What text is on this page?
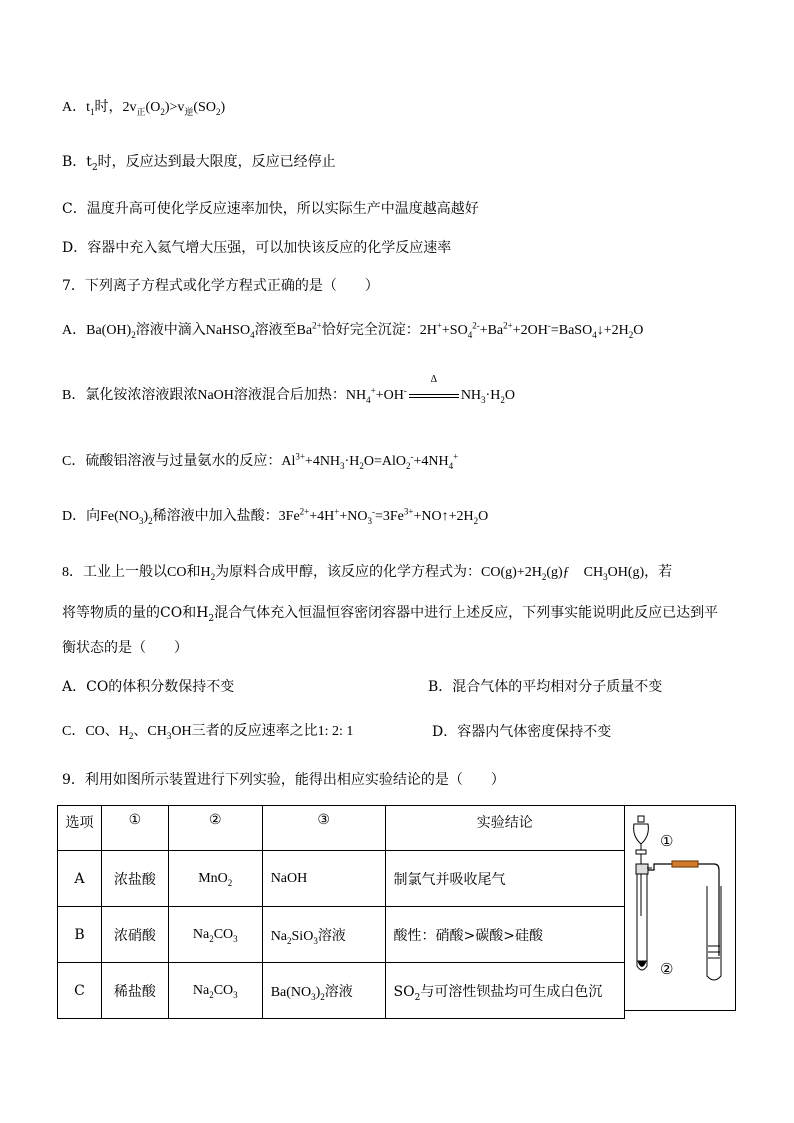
A．$t_1$时，$2v_正(O_2)>v_逆(SO_2)$
B．$t_2$时，反应达到最大限度，反应已经停止
C．温度升高可使化学反应速率加快，所以实际生产中温度越高越好
D．容器中充入氦气增大压强，可以加快该反应的化学反应速率
7．下列离子方程式或化学方程式正确的是（　　）
A．$Ba(OH)_2$溶液中滴入NaHSO$_4$溶液至$Ba^{2+}$恰好完全沉淀：$2H^++SO_4^{2-}+Ba^{2+}+2OH^-=BaSO_4↓+2H_2O$
B．氯化铵浓溶液跟浓NaOH溶液混合后加热：$NH_4^++OH^-$
Δ
$NH_3\cdot H_2O$
C．硫酸铝溶液与过量氨水的反应：$Al^{3+}+4NH_3\cdot H_2O=AlO_2^-+4NH_4^+$
D．向$Fe(NO_3)_2$稀溶液中加入盐酸：$3Fe^{2+}+4H^++NO_3^-=3Fe^{3+}+NO↑+2H_2O$
8．工业上一般以CO和$H_2$为原料合成甲醇，该反应的化学方程式为：$CO(g)+2H_2(g)ƒ$　$CH_3OH(g)$，若
将等物质的量的CO和$H_2$混合气体充入恒温恒容密闭容器中进行上述反应，下列事实能说明此反应已达到平
衡状态的是（　　）
A．CO的体积分数保持不变	B．混合气体的平均相对分子质量不变
C．CO、$H_2$、$CH_3OH$三者的反应速率之比1: 2: 1	D．容器内气体密度保持不变
9．利用如图所示装置进行下列实验，能得出相应实验结论的是（　　）
选项	①	②	③	实验结论
A	浓盐酸	MnO$_2$	NaOH	制氯气并吸收尾气
B	浓硝酸	$Na_2CO_3$	$Na_2SiO_3$溶液	酸性：硝酸>碳酸>硅酸
C	稀盐酸	$Na_2CO_3$	$Ba(NO_3)_2$溶液	$SO_2$与可溶性钡盐均可生成白色沉
①
②
